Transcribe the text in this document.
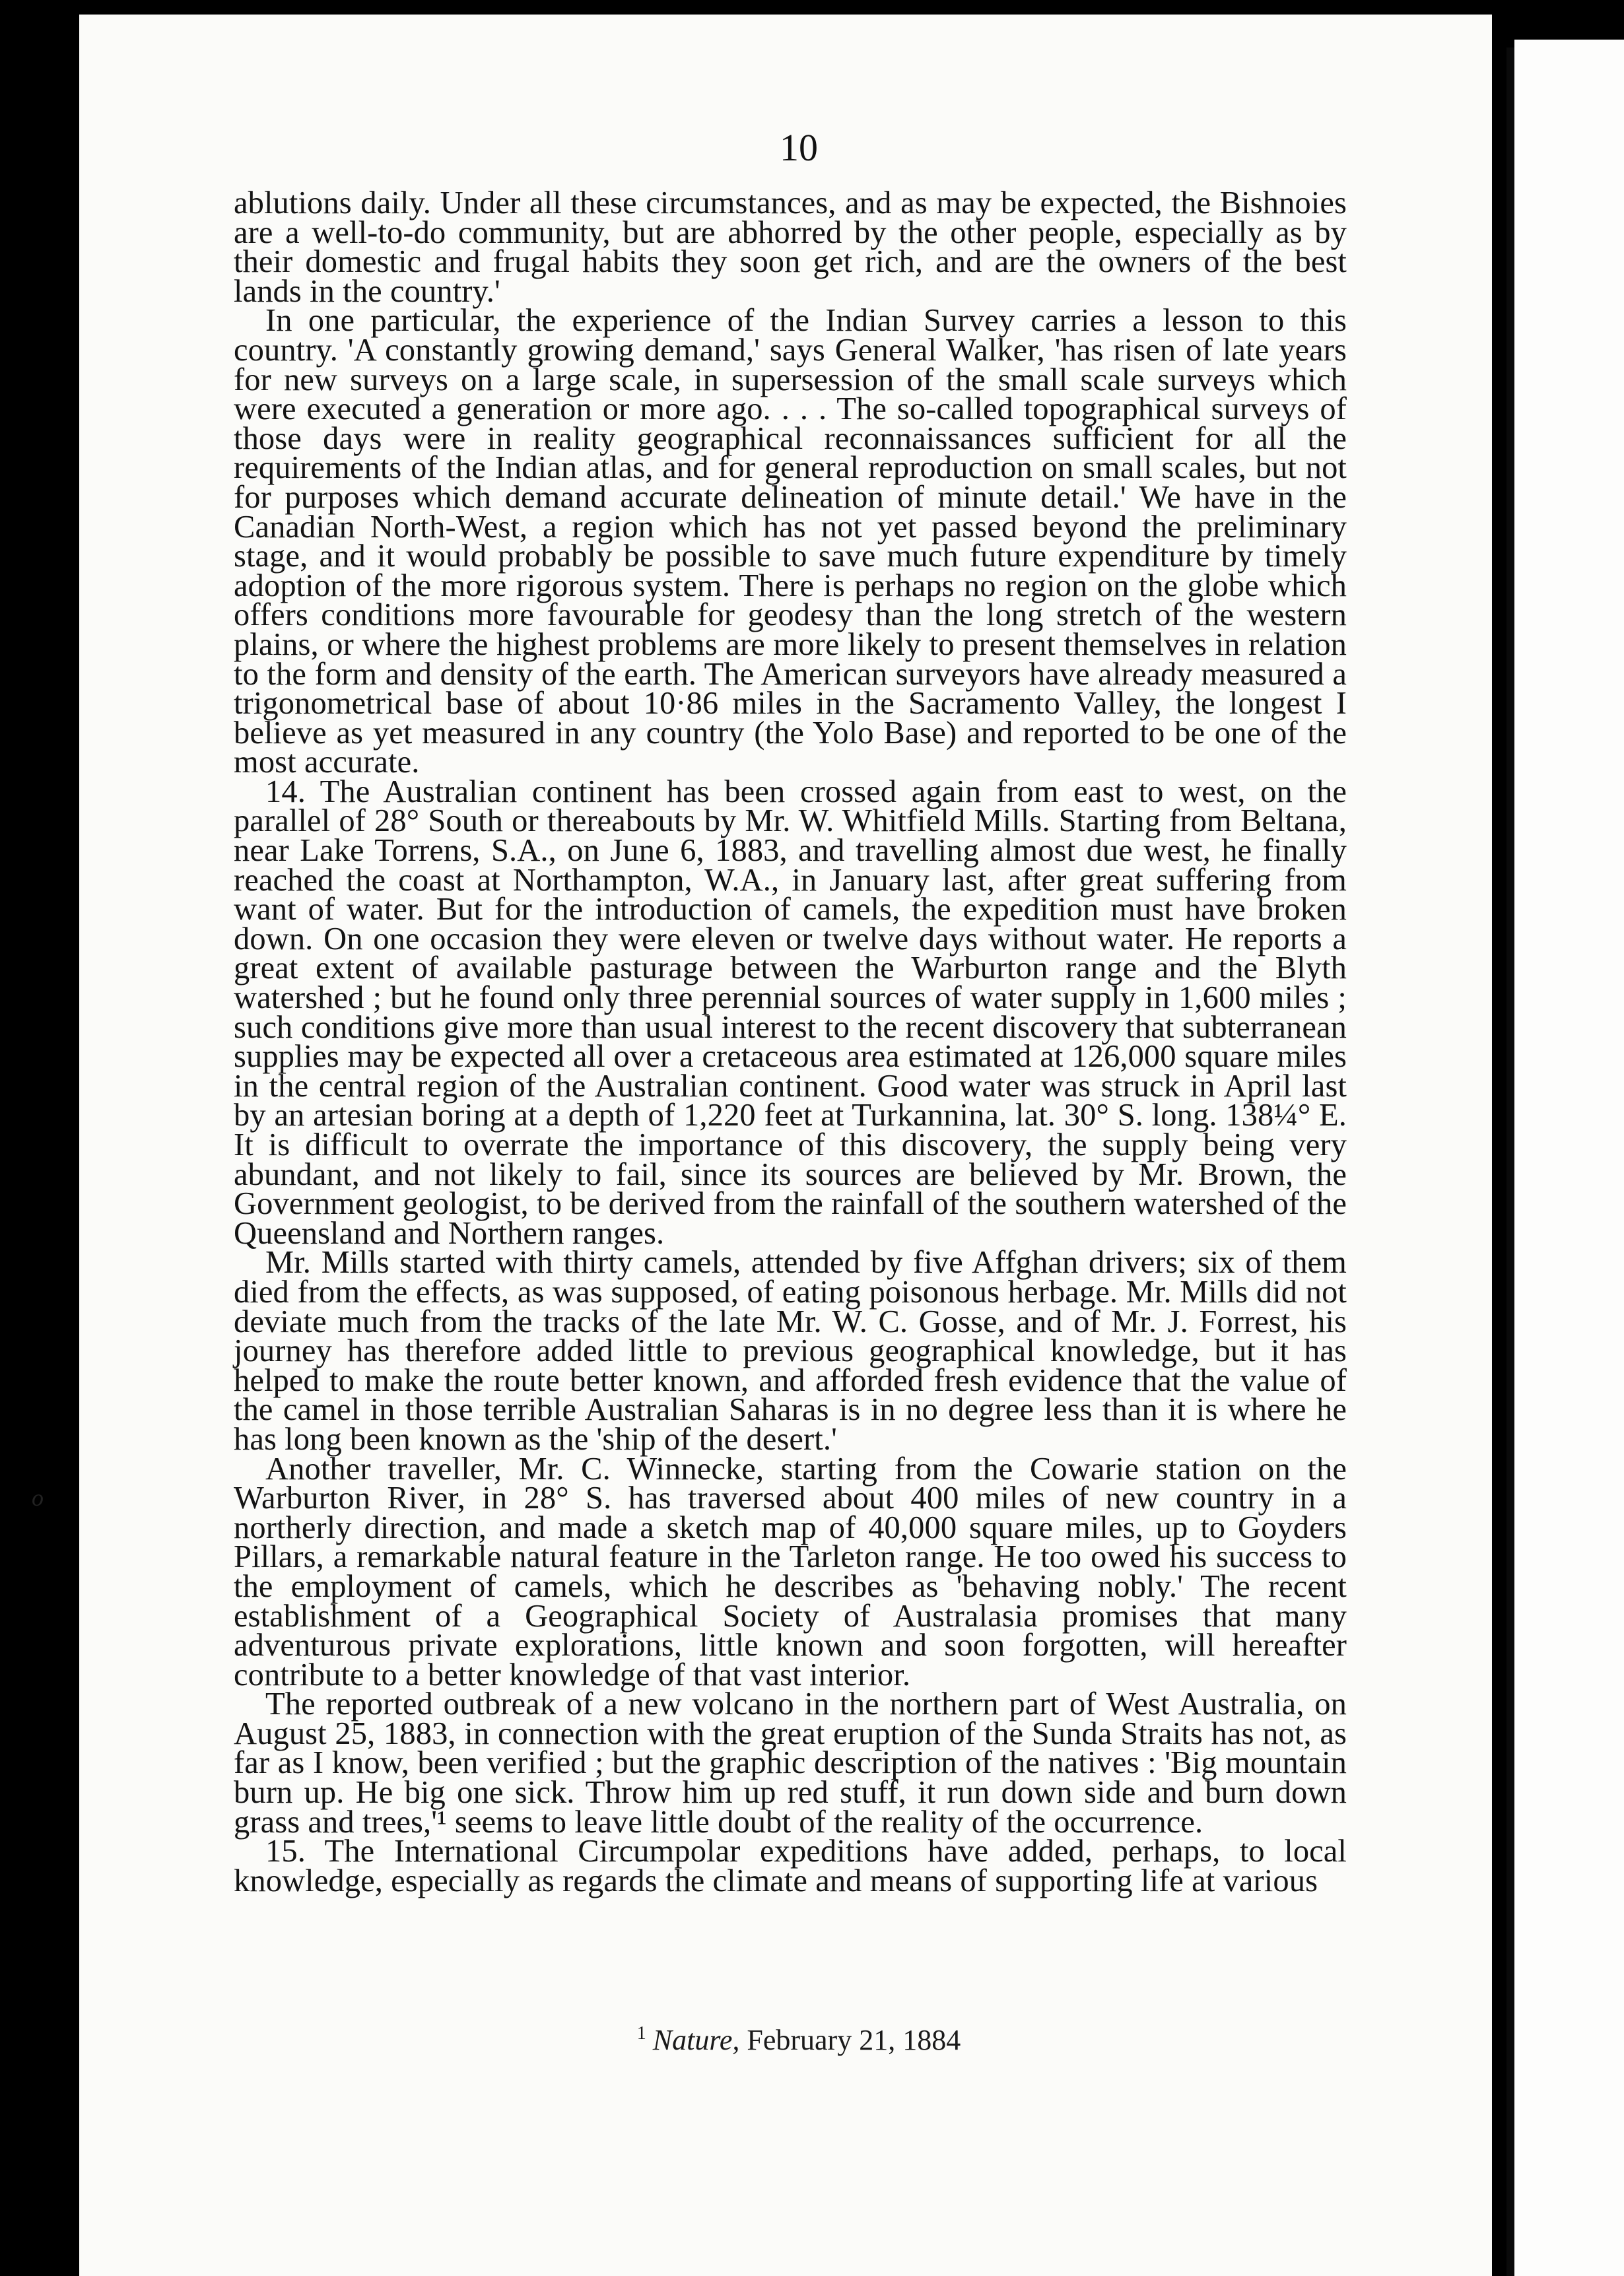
o
10

ablutions daily. Under all these circumstances, and as may be expected, the Bishnoies are a well-to-do community, but are abhorred by the other people, especially as by their domestic and frugal habits they soon get rich, and are the owners of the best lands in the country.'

In one particular, the experience of the Indian Survey carries a lesson to this country. 'A constantly growing demand,' says General Walker, 'has risen of late years for new surveys on a large scale, in supersession of the small scale surveys which were executed a generation or more ago. . . . The so-called topographical surveys of those days were in reality geographical reconnaissances sufficient for all the requirements of the Indian atlas, and for general reproduction on small scales, but not for purposes which demand accurate delineation of minute detail.' We have in the Canadian North-West, a region which has not yet passed beyond the preliminary stage, and it would probably be possible to save much future expenditure by timely adoption of the more rigorous system. There is perhaps no region on the globe which offers conditions more favourable for geodesy than the long stretch of the western plains, or where the highest problems are more likely to present themselves in relation to the form and density of the earth. The American surveyors have already measured a trigonometrical base of about 10·86 miles in the Sacramento Valley, the longest I believe as yet measured in any country (the Yolo Base) and reported to be one of the most accurate.

14. The Australian continent has been crossed again from east to west, on the parallel of 28° South or thereabouts by Mr. W. Whitfield Mills. Starting from Beltana, near Lake Torrens, S.A., on June 6, 1883, and travelling almost due west, he finally reached the coast at Northampton, W.A., in January last, after great suffering from want of water. But for the introduction of camels, the expedition must have broken down. On one occasion they were eleven or twelve days without water. He reports a great extent of available pasturage between the Warburton range and the Blyth watershed ; but he found only three perennial sources of water supply in 1,600 miles ; such conditions give more than usual interest to the recent discovery that subterranean supplies may be expected all over a cretaceous area estimated at 126,000 square miles in the central region of the Australian continent. Good water was struck in April last by an artesian boring at a depth of 1,220 feet at Turkannina, lat. 30° S. long. 138¼° E. It is difficult to overrate the importance of this discovery, the supply being very abundant, and not likely to fail, since its sources are believed by Mr. Brown, the Government geologist, to be derived from the rainfall of the southern watershed of the Queensland and Northern ranges.

Mr. Mills started with thirty camels, attended by five Affghan drivers; six of them died from the effects, as was supposed, of eating poisonous herbage. Mr. Mills did not deviate much from the tracks of the late Mr. W. C. Gosse, and of Mr. J. Forrest, his journey has therefore added little to previous geographical knowledge, but it has helped to make the route better known, and afforded fresh evidence that the value of the camel in those terrible Australian Saharas is in no degree less than it is where he has long been known as the 'ship of the desert.'

Another traveller, Mr. C. Winnecke, starting from the Cowarie station on the Warburton River, in 28° S. has traversed about 400 miles of new country in a northerly direction, and made a sketch map of 40,000 square miles, up to Goyders Pillars, a remarkable natural feature in the Tarleton range. He too owed his success to the employment of camels, which he describes as 'behaving nobly.' The recent establishment of a Geographical Society of Australasia promises that many adventurous private explorations, little known and soon forgotten, will hereafter contribute to a better knowledge of that vast interior.

The reported outbreak of a new volcano in the northern part of West Australia, on August 25, 1883, in connection with the great eruption of the Sunda Straits has not, as far as I know, been verified ; but the graphic description of the natives : 'Big mountain burn up. He big one sick. Throw him up red stuff, it run down side and burn down grass and trees,'¹ seems to leave little doubt of the reality of the occurrence.

15. The International Circumpolar expeditions have added, perhaps, to local knowledge, especially as regards the climate and means of supporting life at various

$^1$ Nature, February 21, 1884
